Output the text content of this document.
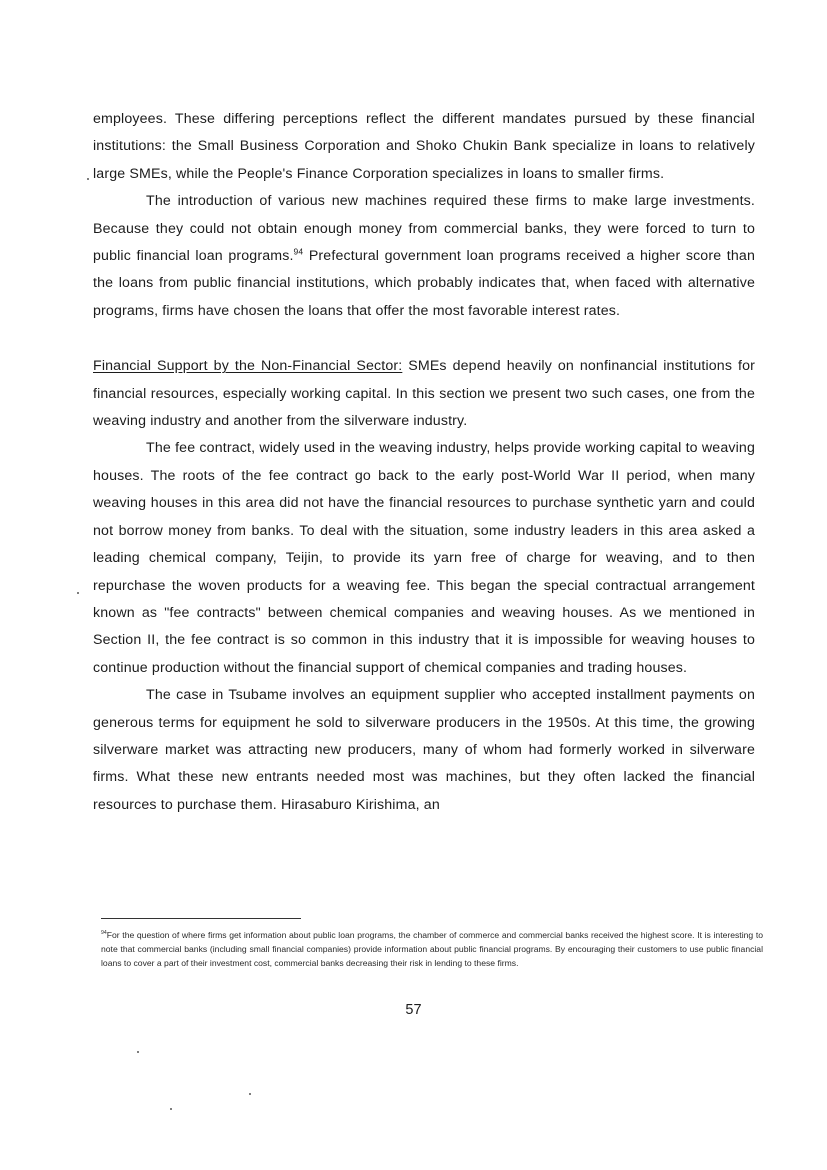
employees. These differing perceptions reflect the different mandates pursued by these financial institutions: the Small Business Corporation and Shoko Chukin Bank specialize in loans to relatively large SMEs, while the People's Finance Corporation specializes in loans to smaller firms.

The introduction of various new machines required these firms to make large investments. Because they could not obtain enough money from commercial banks, they were forced to turn to public financial loan programs.$^{94}$ Prefectural government loan programs received a higher score than the loans from public financial institutions, which probably indicates that, when faced with alternative programs, firms have chosen the loans that offer the most favorable interest rates.

Financial Support by the Non-Financial Sector: SMEs depend heavily on nonfinancial institutions for financial resources, especially working capital. In this section we present two such cases, one from the weaving industry and another from the silverware industry.

The fee contract, widely used in the weaving industry, helps provide working capital to weaving houses. The roots of the fee contract go back to the early post-World War II period, when many weaving houses in this area did not have the financial resources to purchase synthetic yarn and could not borrow money from banks. To deal with the situation, some industry leaders in this area asked a leading chemical company, Teijin, to provide its yarn free of charge for weaving, and to then repurchase the woven products for a weaving fee. This began the special contractual arrangement known as "fee contracts" between chemical companies and weaving houses. As we mentioned in Section II, the fee contract is so common in this industry that it is impossible for weaving houses to continue production without the financial support of chemical companies and trading houses.

The case in Tsubame involves an equipment supplier who accepted installment payments on generous terms for equipment he sold to silverware producers in the 1950s. At this time, the growing silverware market was attracting new producers, many of whom had formerly worked in silverware firms. What these new entrants needed most was machines, but they often lacked the financial resources to purchase them. Hirasaburo Kirishima, an

$^{94}$For the question of where firms get information about public loan programs, the chamber of commerce and commercial banks received the highest score. It is interesting to note that commercial banks (including small financial companies) provide information about public financial programs. By encouraging their customers to use public financial loans to cover a part of their investment cost, commercial banks decreasing their risk in lending to these firms.
57
